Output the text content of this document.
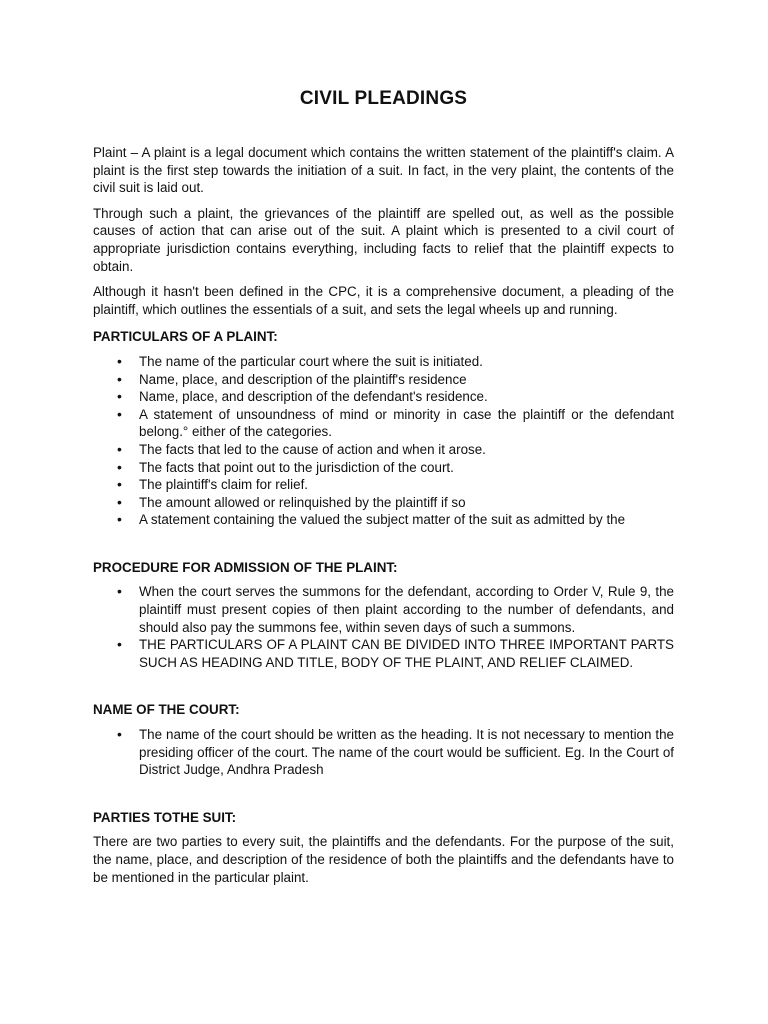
CIVIL PLEADINGS

Plaint – A plaint is a legal document which contains the written statement of the plaintiff's claim. A plaint is the first step towards the initiation of a suit. In fact, in the very plaint, the contents of the civil suit is laid out.

Through such a plaint, the grievances of the plaintiff are spelled out, as well as the possible causes of action that can arise out of the suit. A plaint which is presented to a civil court of appropriate jurisdiction contains everything, including facts to relief that the plaintiff expects to obtain.

Although it hasn't been defined in the CPC, it is a comprehensive document, a pleading of the plaintiff, which outlines the essentials of a suit, and sets the legal wheels up and running.

PARTICULARS OF A PLAINT:
• The name of the particular court where the suit is initiated.
• Name, place, and description of the plaintiff's residence
• Name, place, and description of the defendant's residence.
• A statement of unsoundness of mind or minority in case the plaintiff or the defendant belong.° either of the categories.
• The facts that led to the cause of action and when it arose.
• The facts that point out to the jurisdiction of the court.
• The plaintiff's claim for relief.
• The amount allowed or relinquished by the plaintiff if so
• A statement containing the valued the subject matter of the suit as admitted by the
PROCEDURE FOR ADMISSION OF THE PLAINT:
• When the court serves the summons for the defendant, according to Order V, Rule 9, the plaintiff must present copies of then plaint according to the number of defendants, and should also pay the summons fee, within seven days of such a summons.
• THE PARTICULARS OF A PLAINT CAN BE DIVIDED INTO THREE IMPORTANT PARTS SUCH AS HEADING AND TITLE, BODY OF THE PLAINT, AND RELIEF CLAIMED.
NAME OF THE COURT:
• The name of the court should be written as the heading. It is not necessary to mention the presiding officer of the court. The name of the court would be sufficient. Eg. In the Court of District Judge, Andhra Pradesh
PARTIES TOTHE SUIT:

There are two parties to every suit, the plaintiffs and the defendants. For the purpose of the suit, the name, place, and description of the residence of both the plaintiffs and the defendants have to be mentioned in the particular plaint.
